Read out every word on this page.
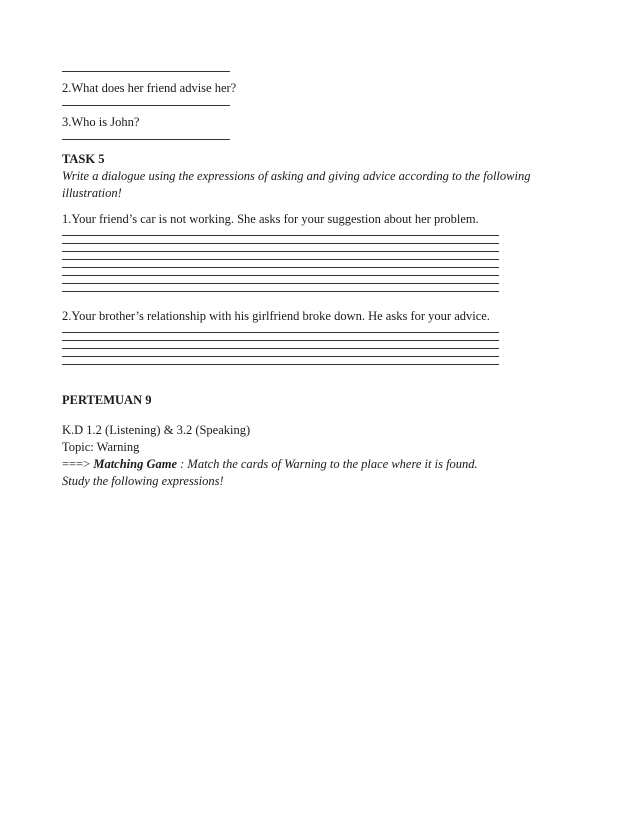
2.What does her friend advise her?
3.Who is John?
TASK 5
Write a dialogue using the expressions of asking and giving advice according to the following
illustration!
1.Your friend’s car is not working. She asks for your suggestion about her problem.
2.Your brother’s relationship with his girlfriend broke down. He asks for your advice.
PERTEMUAN 9
K.D 1.2 (Listening) & 3.2 (Speaking)
Topic: Warning
===> Matching Game : Match the cards of Warning to the place where it is found.
Study the following expressions!
